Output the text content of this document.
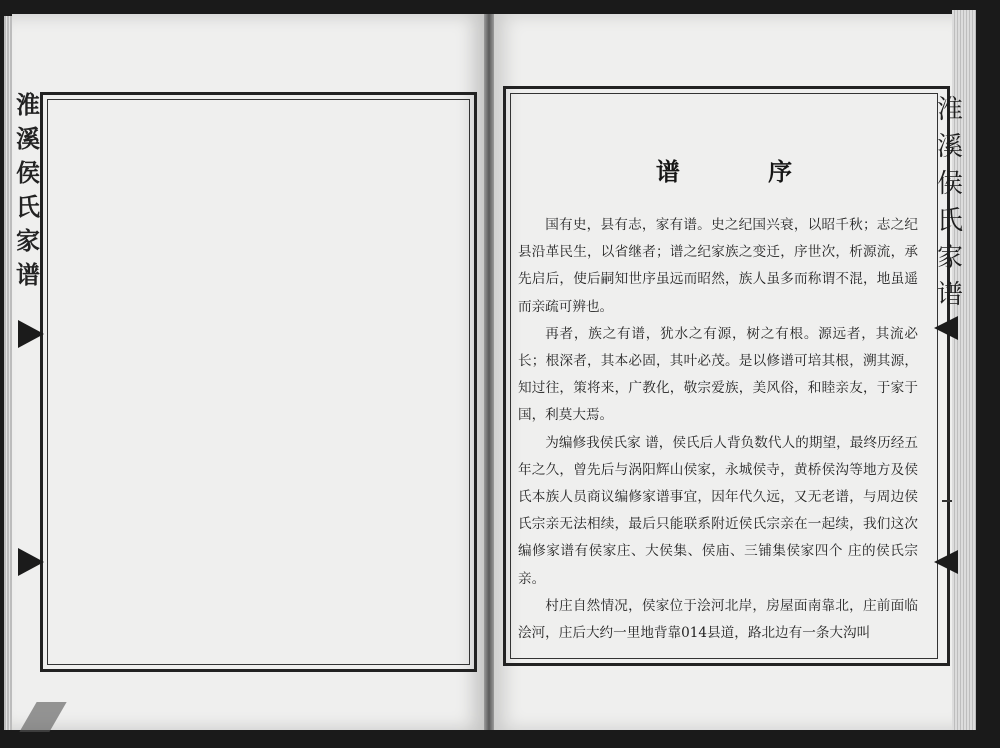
淮
溪
侯
氏
家
谱
淮
溪
侯
氏
家
谱
谱 序

国有史，县有志，家有谱。史之纪国兴衰，以昭千秋；志之纪县沿革民生，以省继者；谱之纪家族之变迁，序世次，析源流，承先启后，使后嗣知世序虽远而昭然，族人虽多而称谓不混，地虽遥而亲疏可辨也。

再者，族之有谱，犹水之有源，树之有根。源远者，其流必长；根深者，其本必固，其叶必茂。是以修谱可培其根，溯其源，知过往，策将来，广教化，敬宗爱族，美风俗，和睦亲友，于家于国，利莫大焉。

为编修我侯氏家 谱，侯氏后人背负数代人的期望，最终历经五年之久，曾先后与涡阳辉山侯家，永城侯寺，黄桥侯沟等地方及侯氏本族人员商议编修家谱事宜，因年代久远，又无老谱，与周边侯氏宗亲无法相续，最后只能联系附近侯氏宗亲在一起续，我们这次编修家谱有侯家庄、大侯集、侯庙、三铺集侯家四个 庄的侯氏宗亲。

村庄自然情况，侯家位于浍河北岸，房屋面南靠北，庄前面临浍河，庄后大约一里地背靠014县道，路北边有一条大沟叫
